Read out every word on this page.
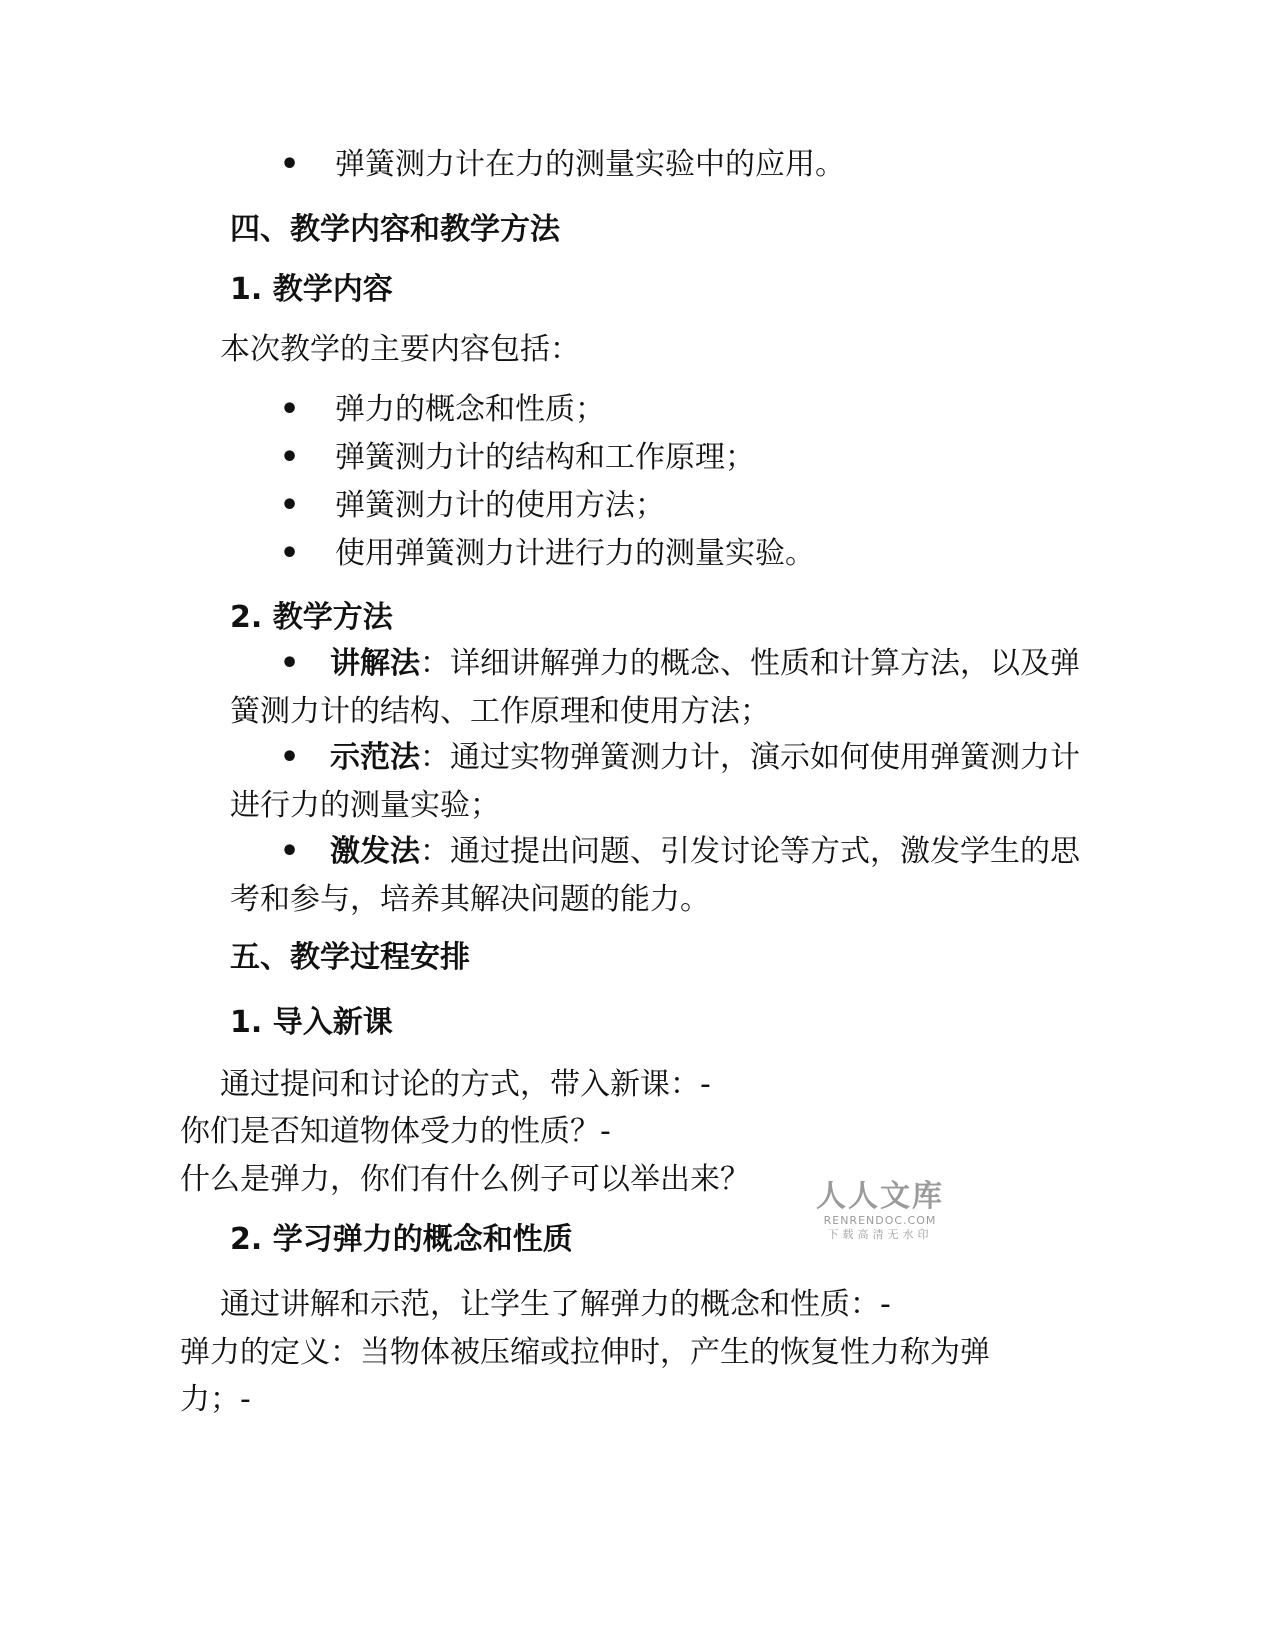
• 弹簧测力计在力的测量实验中的应用。
四、教学内容和教学方法
1. 教学内容
本次教学的主要内容包括：
• 弹力的概念和性质；
• 弹簧测力计的结构和工作原理；
• 弹簧测力计的使用方法；
• 使用弹簧测力计进行力的测量实验。
2. 教学方法
• 讲解法：详细讲解弹力的概念、性质和计算方法，以及弹簧测力计的结构、工作原理和使用方法；
• 示范法：通过实物弹簧测力计，演示如何使用弹簧测力计进行力的测量实验；
• 激发法：通过提出问题、引发讨论等方式，激发学生的思考和参与，培养其解决问题的能力。
五、教学过程安排
1. 导入新课
通过提问和讨论的方式，带入新课：-
你们是否知道物体受力的性质？-
什么是弹力，你们有什么例子可以举出来？
2. 学习弹力的概念和性质
通过讲解和示范，让学生了解弹力的概念和性质：-
弹力的定义：当物体被压缩或拉伸时，产生的恢复性力称为弹
力；-
人人文库
RENRENDOC.COM
下载高清无水印
